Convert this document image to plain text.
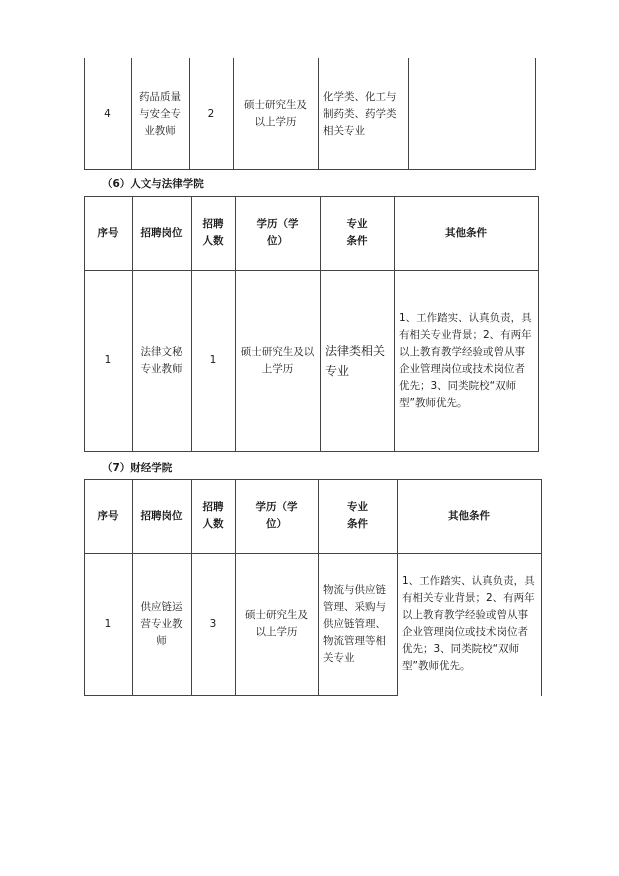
4
药品质量与安全专业教师
2
硕士研究生及以上学历
化学类、化工与制药类、药学类相关专业
（6）人文与法律学院
序号	招聘岗位
招聘人数
学历（学位）
专业条件
其他条件
1
法律文秘专业教师
1
硕士研究生及以上学历
法律类相关专业
1、工作踏实、认真负责，具有相关专业背景；2、有两年以上教育教学经验或曾从事企业管理岗位或技术岗位者优先；3、同类院校“双师型”教师优先。
（7）财经学院
序号	招聘岗位
招聘人数
学历（学位）
专业条件
其他条件
1
供应链运营专业教师
3
硕士研究生及以上学历
物流与供应链管理、采购与供应链管理、物流管理等相关专业
1、工作踏实、认真负责，具有相关专业背景；2、有两年以上教育教学经验或曾从事企业管理岗位或技术岗位者优先；3、同类院校“双师型”教师优先。
